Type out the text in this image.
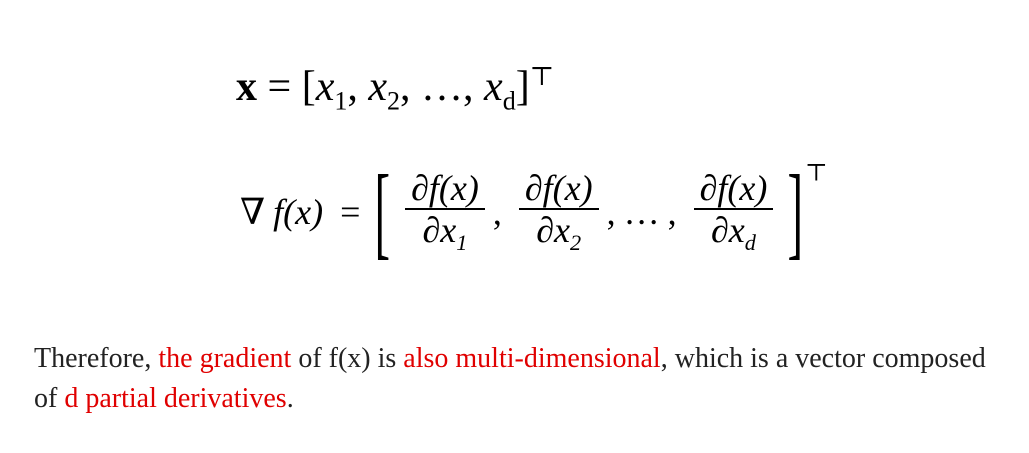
$x = [x_1$, $x_2$, …, $x_d]^⊤$
∇ f(x) = [ $\frac{\partial f(x)}{\partial x_1}$ , $\frac{\partial f(x)}{\partial x_2}$ , … , $\frac{\partial f(x)}{\partial x_d} ]^⊤$
Therefore, the gradient of f(x) is also multi-dimensional, which is a vector composed of d partial derivatives.
